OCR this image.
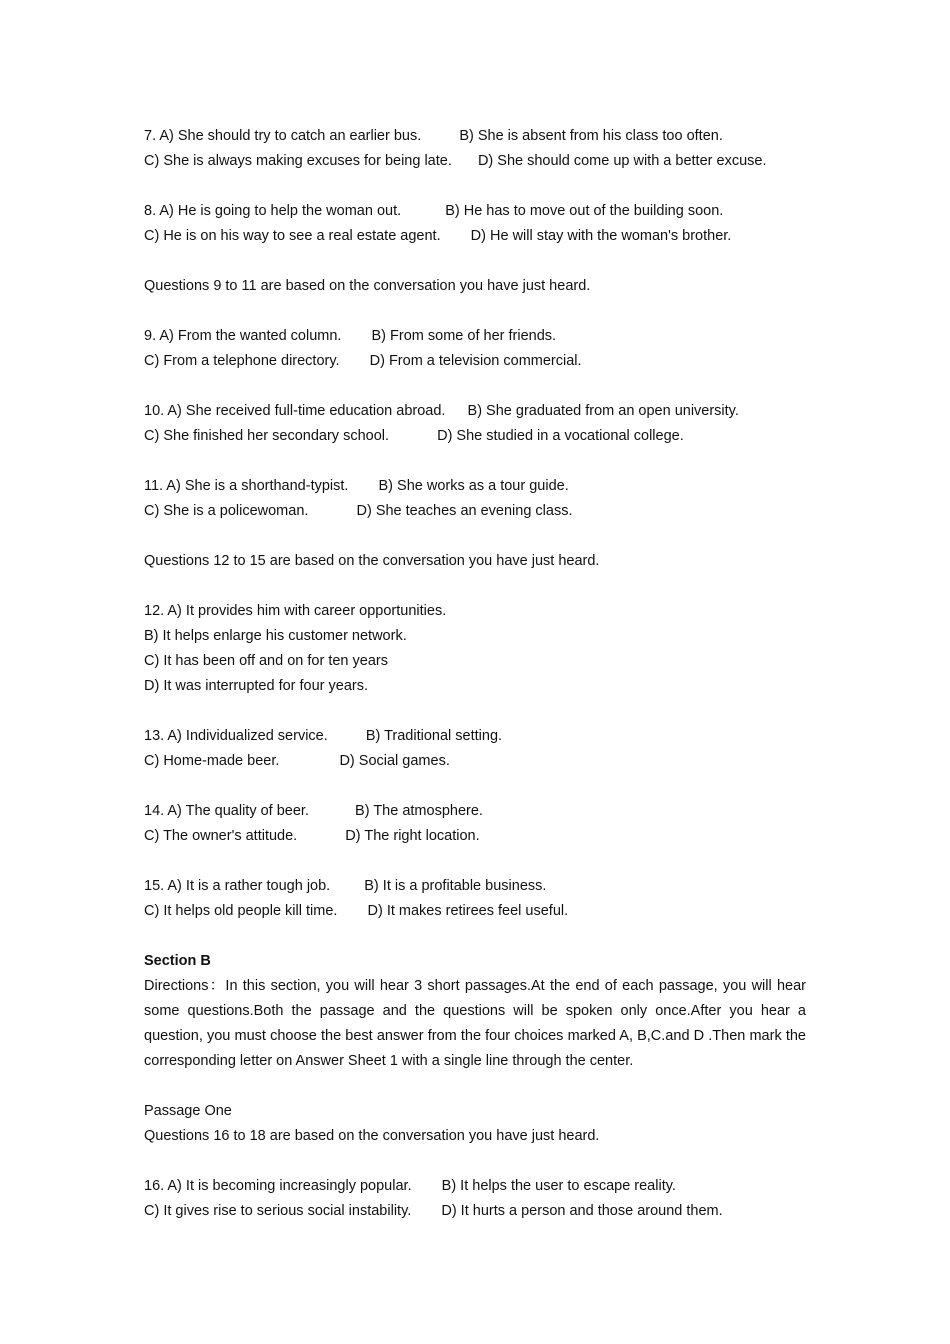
7. A) She should try to catch an earlier bus.	B) She is absent from his class too often.
C) She is always making excuses for being late. D) She should come up with a better excuse.
8. A) He is going to help the woman out.	B) He has to move out of the building soon.
C) He is on his way to see a real estate agent. D) He will stay with the woman's brother.
Questions 9 to 11 are based on the conversation you have just heard.
9. A) From the wanted column. B) From some of her friends.
C) From a telephone directory. D) From a television commercial.
10. A) She received full-time education abroad. B) She graduated from an open university.
C) She finished her secondary school.	D) She studied in a vocational college.
11. A) She is a shorthand-typist. B) She works as a tour guide.
C) She is a policewoman.	D) She teaches an evening class.
Questions 12 to 15 are based on the conversation you have just heard.
12. A) It provides him with career opportunities.
B) It helps enlarge his customer network.
C) It has been off and on for ten years
D) It was interrupted for four years.
13. A) Individualized service.	B) Traditional setting.
C) Home-made beer.	D) Social games.
14. A) The quality of beer.	B) The atmosphere.
C) The owner's attitude.	D) The right location.
15. A) It is a rather tough job. B) It is a profitable business.
C) It helps old people kill time. D) It makes retirees feel useful.
Section B
Directions：In this section, you will hear 3 short passages.At the end of each passage, you will hear some questions.Both the passage and the questions will be spoken only once.After you hear a question, you must choose the best answer from the four choices marked A, B,C.and D .Then mark the corresponding letter on Answer Sheet 1 with a single line through the center.
Passage One
Questions 16 to 18 are based on the conversation you have just heard.
16. A) It is becoming increasingly popular. B) It helps the user to escape reality.
C) It gives rise to serious social instability. D) It hurts a person and those around them.
